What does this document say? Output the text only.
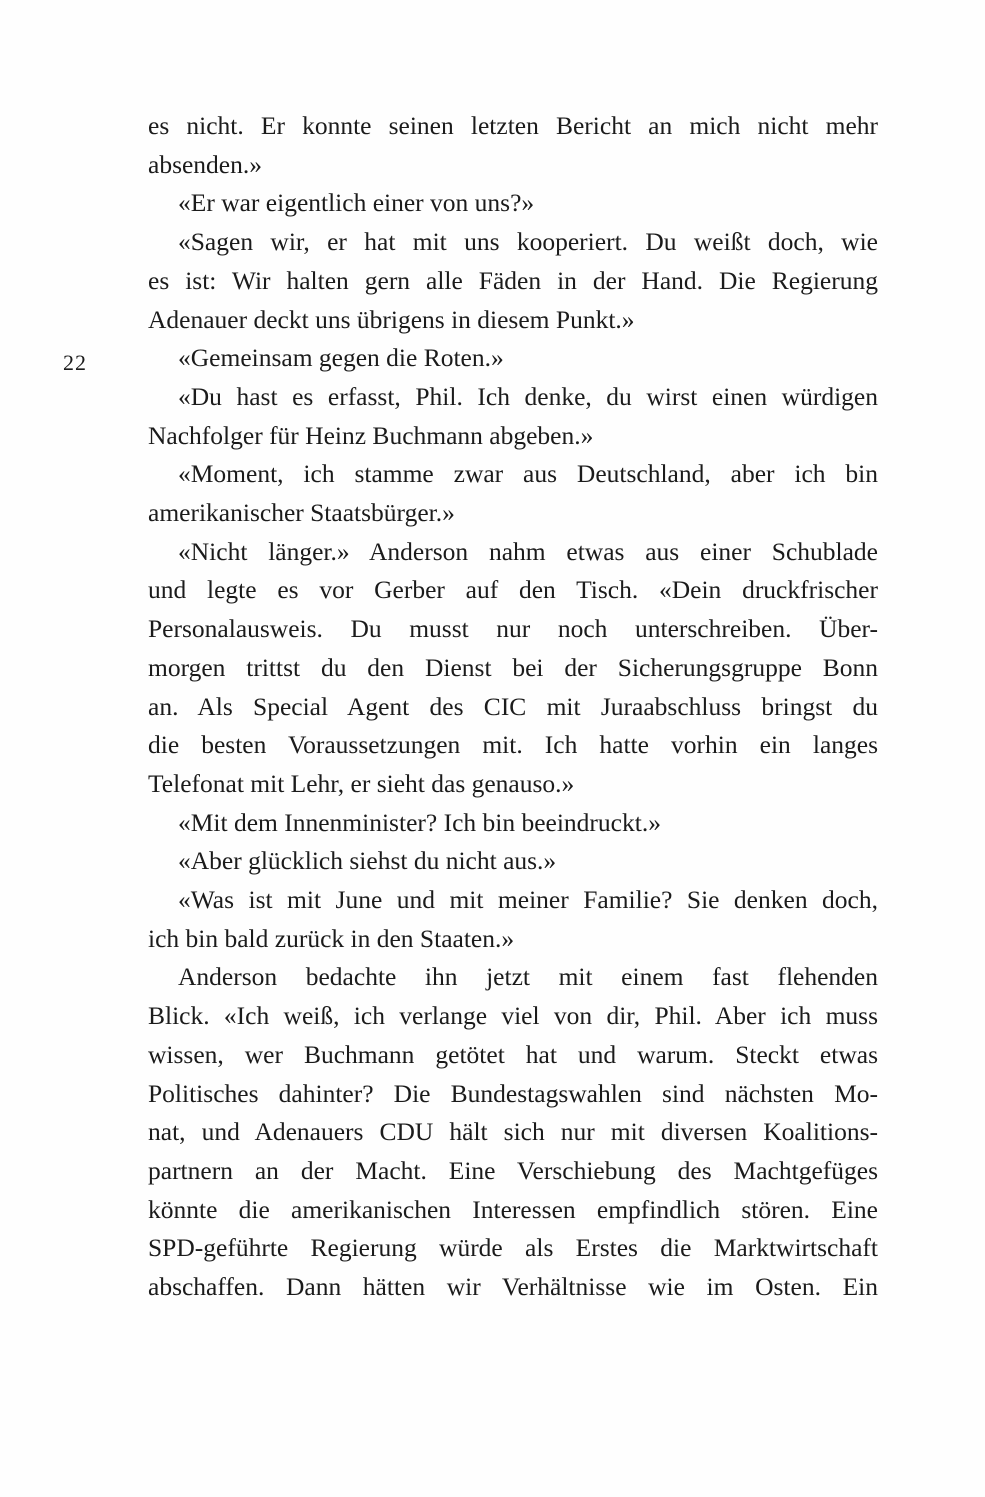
22
es nicht. Er konnte seinen letzten Bericht an mich nicht mehr
absenden.»
«Er war eigentlich einer von uns?»
«Sagen wir, er hat mit uns kooperiert. Du weißt doch, wie
es ist: Wir halten gern alle Fäden in der Hand. Die Regierung
Adenauer deckt uns übrigens in diesem Punkt.»
«Gemeinsam gegen die Roten.»
«Du hast es erfasst, Phil. Ich denke, du wirst einen würdigen
Nachfolger für Heinz Buchmann abgeben.»
«Moment, ich stamme zwar aus Deutschland, aber ich bin
amerikanischer Staatsbürger.»
«Nicht länger.» Anderson nahm etwas aus einer Schublade
und legte es vor Gerber auf den Tisch. «Dein druckfrischer
Personalausweis. Du musst nur noch unterschreiben. Über-
morgen trittst du den Dienst bei der Sicherungsgruppe Bonn
an. Als Special Agent des CIC mit Juraabschluss bringst du
die besten Voraussetzungen mit. Ich hatte vorhin ein langes
Telefonat mit Lehr, er sieht das genauso.»
«Mit dem Innenminister? Ich bin beeindruckt.»
«Aber glücklich siehst du nicht aus.»
«Was ist mit June und mit meiner Familie? Sie denken doch,
ich bin bald zurück in den Staaten.»
Anderson bedachte ihn jetzt mit einem fast flehenden
Blick. «Ich weiß, ich verlange viel von dir, Phil. Aber ich muss
wissen, wer Buchmann getötet hat und warum. Steckt etwas
Politisches dahinter? Die Bundestagswahlen sind nächsten Mo-
nat, und Adenauers CDU hält sich nur mit diversen Koalitions-
partnern an der Macht. Eine Verschiebung des Machtgefüges
könnte die amerikanischen Interessen empfindlich stören. Eine
SPD-geführte Regierung würde als Erstes die Marktwirtschaft
abschaffen. Dann hätten wir Verhältnisse wie im Osten. Ein
